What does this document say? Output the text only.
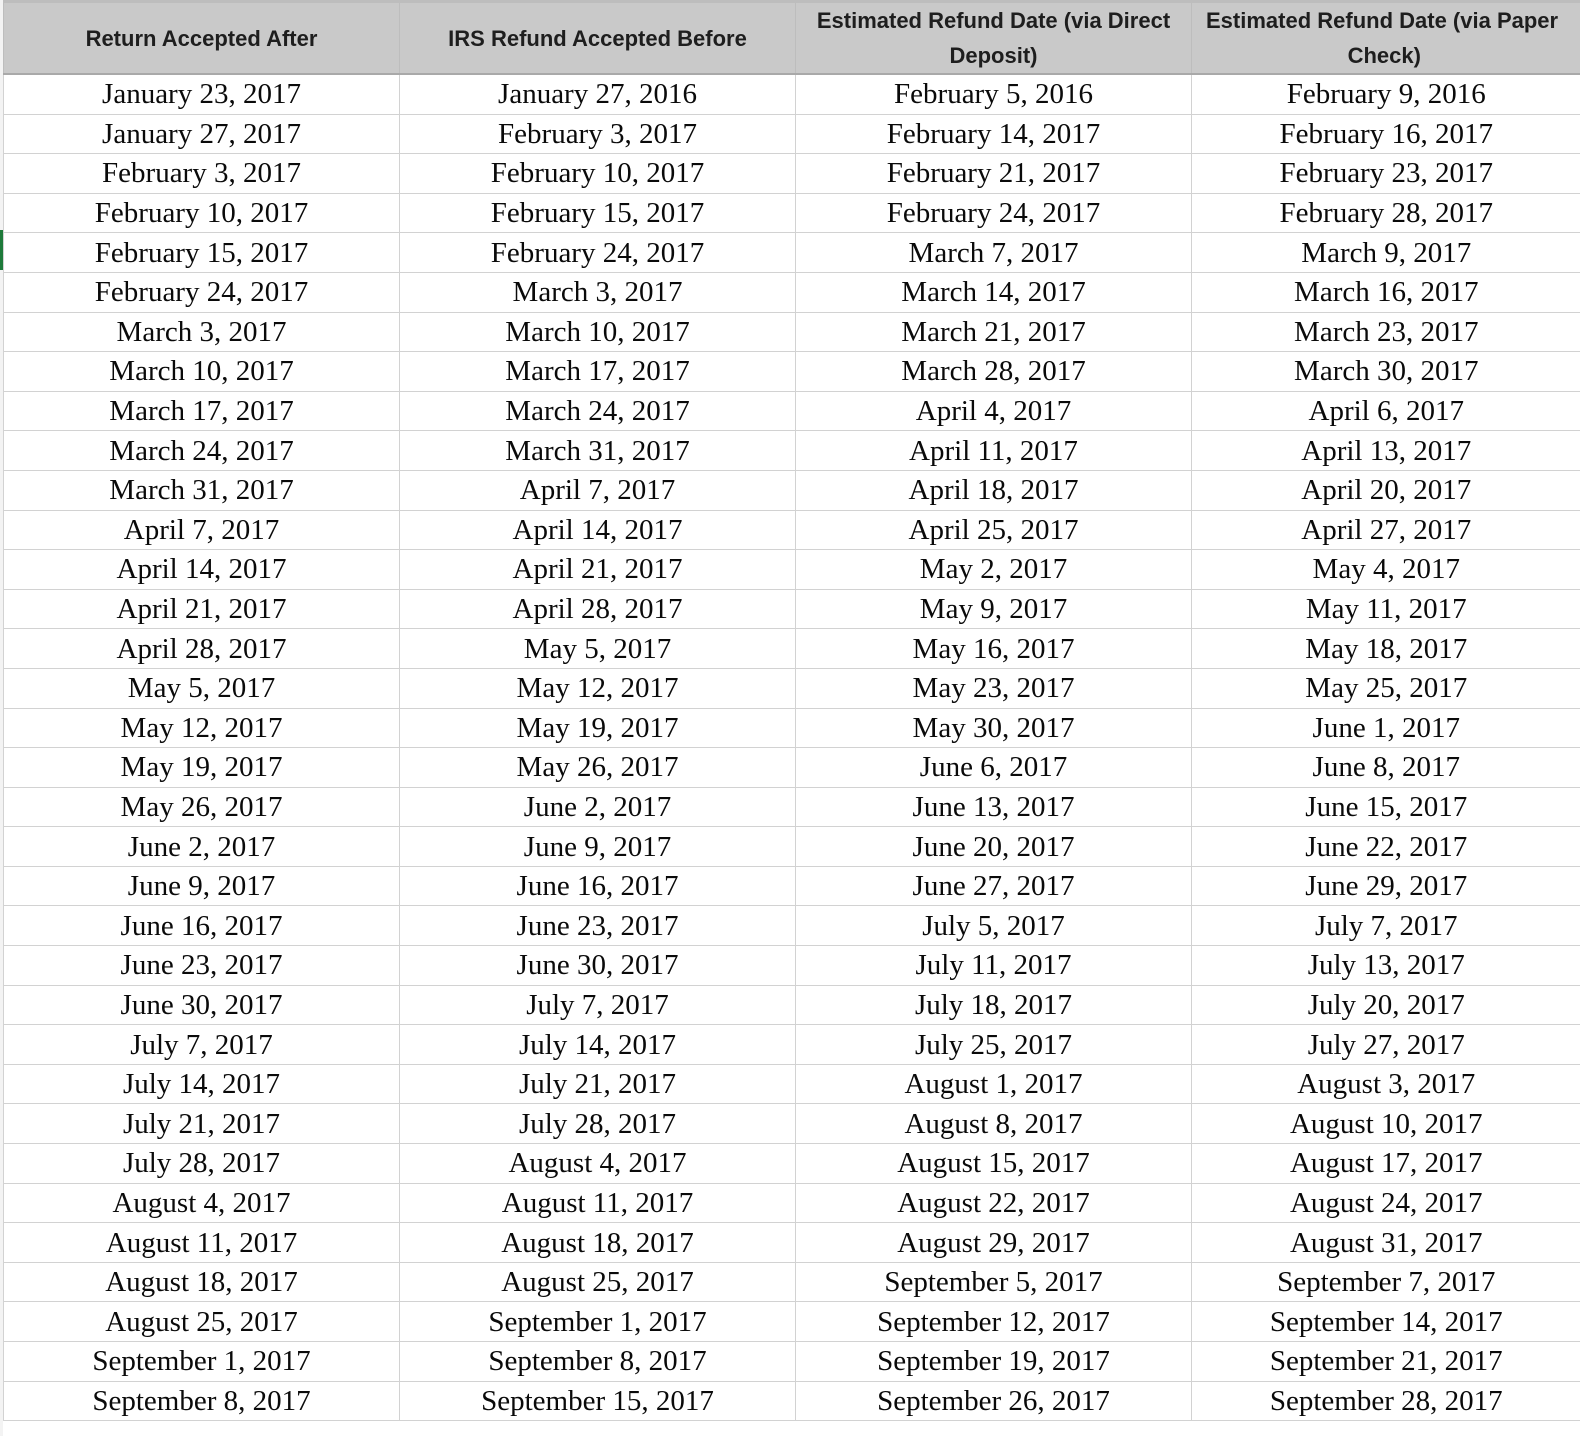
Return Accepted After	IRS Refund Accepted Before	Estimated Refund Date (via Direct
Deposit)	Estimated Refund Date (via Paper
Check)

January 23, 2017	January 27, 2016	February 5, 2016	February 9, 2016
January 27, 2017	February 3, 2017	February 14, 2017	February 16, 2017
February 3, 2017	February 10, 2017	February 21, 2017	February 23, 2017
February 10, 2017	February 15, 2017	February 24, 2017	February 28, 2017
February 15, 2017	February 24, 2017	March 7, 2017	March 9, 2017
February 24, 2017	March 3, 2017	March 14, 2017	March 16, 2017
March 3, 2017	March 10, 2017	March 21, 2017	March 23, 2017
March 10, 2017	March 17, 2017	March 28, 2017	March 30, 2017
March 17, 2017	March 24, 2017	April 4, 2017	April 6, 2017
March 24, 2017	March 31, 2017	April 11, 2017	April 13, 2017
March 31, 2017	April 7, 2017	April 18, 2017	April 20, 2017
April 7, 2017	April 14, 2017	April 25, 2017	April 27, 2017
April 14, 2017	April 21, 2017	May 2, 2017	May 4, 2017
April 21, 2017	April 28, 2017	May 9, 2017	May 11, 2017
April 28, 2017	May 5, 2017	May 16, 2017	May 18, 2017
May 5, 2017	May 12, 2017	May 23, 2017	May 25, 2017
May 12, 2017	May 19, 2017	May 30, 2017	June 1, 2017
May 19, 2017	May 26, 2017	June 6, 2017	June 8, 2017
May 26, 2017	June 2, 2017	June 13, 2017	June 15, 2017
June 2, 2017	June 9, 2017	June 20, 2017	June 22, 2017
June 9, 2017	June 16, 2017	June 27, 2017	June 29, 2017
June 16, 2017	June 23, 2017	July 5, 2017	July 7, 2017
June 23, 2017	June 30, 2017	July 11, 2017	July 13, 2017
June 30, 2017	July 7, 2017	July 18, 2017	July 20, 2017
July 7, 2017	July 14, 2017	July 25, 2017	July 27, 2017
July 14, 2017	July 21, 2017	August 1, 2017	August 3, 2017
July 21, 2017	July 28, 2017	August 8, 2017	August 10, 2017
July 28, 2017	August 4, 2017	August 15, 2017	August 17, 2017
August 4, 2017	August 11, 2017	August 22, 2017	August 24, 2017
August 11, 2017	August 18, 2017	August 29, 2017	August 31, 2017
August 18, 2017	August 25, 2017	September 5, 2017	September 7, 2017
August 25, 2017	September 1, 2017	September 12, 2017	September 14, 2017
September 1, 2017	September 8, 2017	September 19, 2017	September 21, 2017
September 8, 2017	September 15, 2017	September 26, 2017	September 28, 2017
